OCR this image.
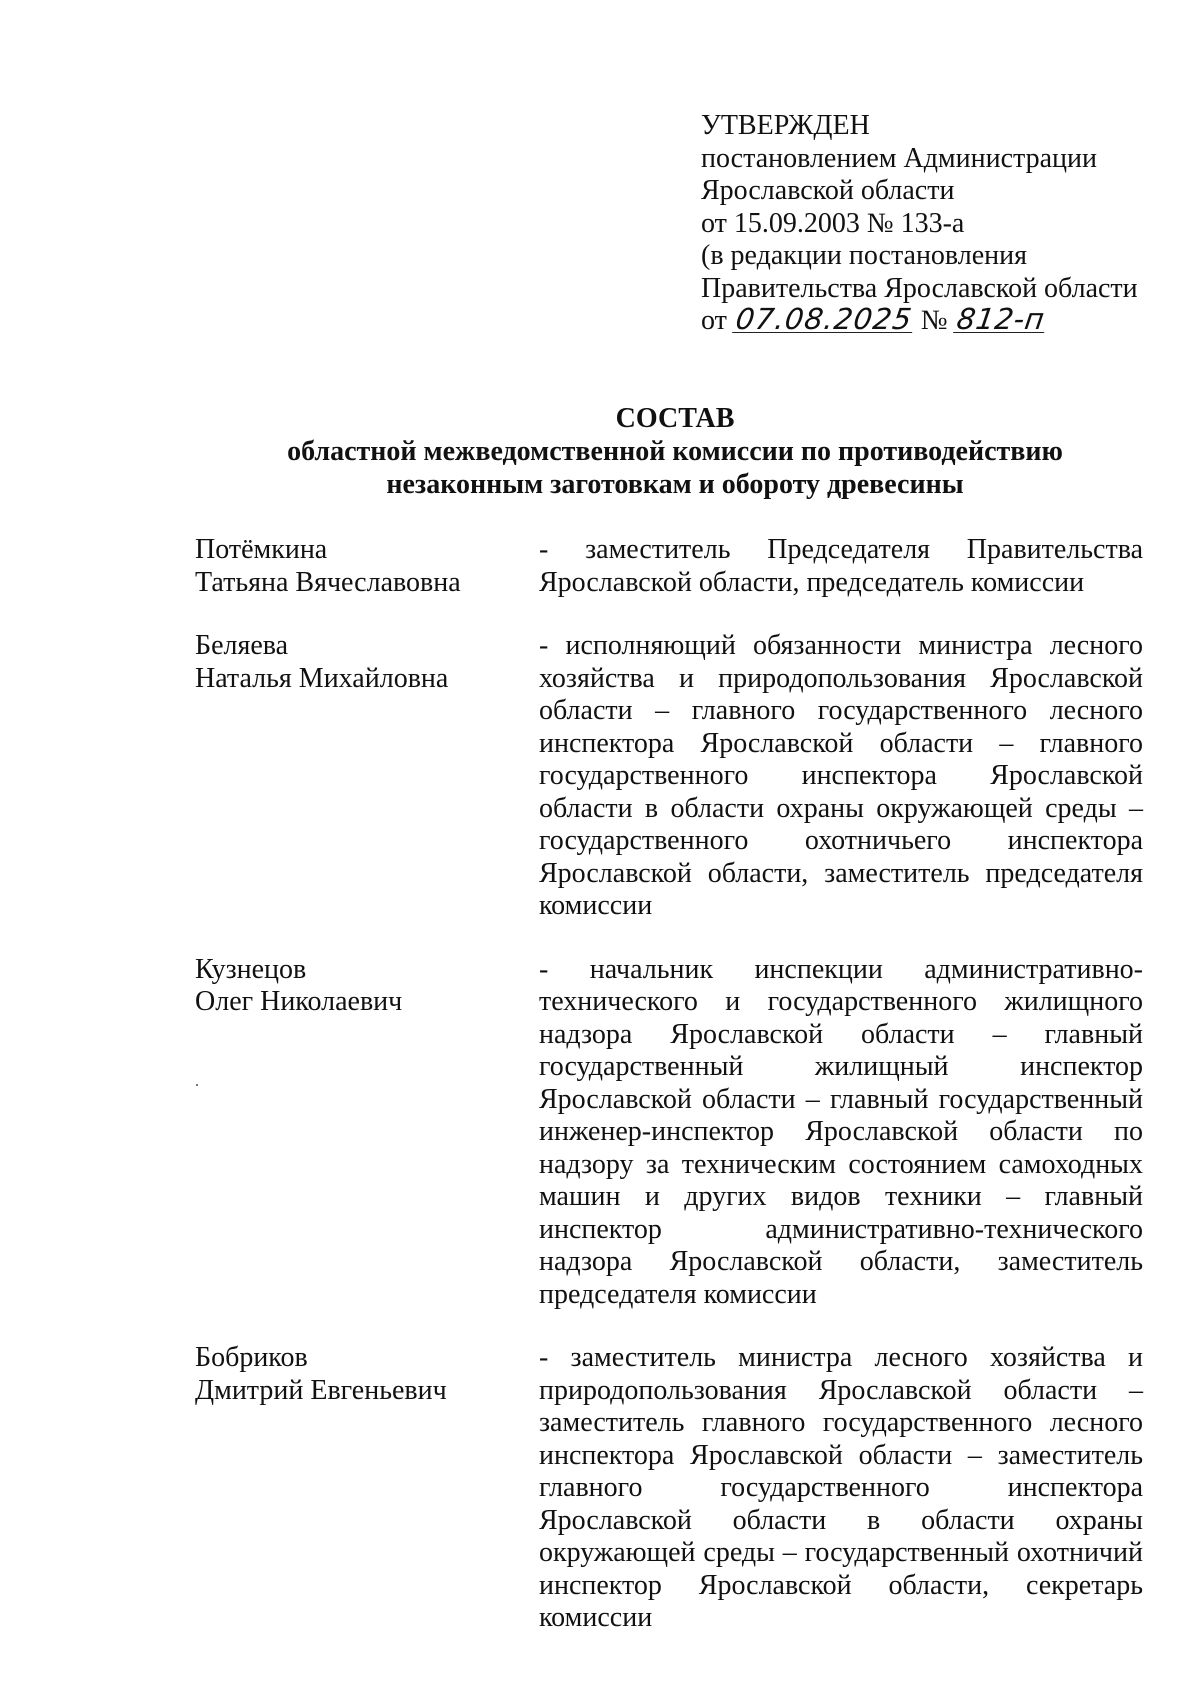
УТВЕРЖДЕН
постановлением Администрации
Ярославской области
от 15.09.2003 № 133-а
(в редакции постановления
Правительства Ярославской области
от 07.08.2025 № 812-п
СОСТАВ
областной межведомственной комиссии по противодействию
незаконным заготовкам и обороту древесины
Потёмкина
Татьяна Вячеславовна
- заместитель Председателя Правительства Ярославской области, председатель комиссии
Беляева
Наталья Михайловна
- исполняющий обязанности министра лесного хозяйства и природопользования Ярославской области – главного государственного лесного инспектора Ярославской области – главного государственного инспектора Ярославской области в области охраны окружающей среды – государственного охотничьего инспектора Ярославской области, заместитель председателя комиссии
Кузнецов
Олег Николаевич
- начальник инспекции административно-технического и государственного жилищного надзора Ярославской области – главный государственный жилищный инспектор Ярославской области – главный государственный инженер-инспектор Ярославской области по надзору за техническим состоянием самоходных машин и других видов техники – главный инспектор административно-технического надзора Ярославской области, заместитель председателя комиссии
Бобриков
Дмитрий Евгеньевич
- заместитель министра лесного хозяйства и природопользования Ярославской области – заместитель главного государственного лесного инспектора Ярославской области – заместитель главного государственного инспектора Ярославской области в области охраны окружающей среды – государственный охотничий инспектор Ярославской области, секретарь комиссии
